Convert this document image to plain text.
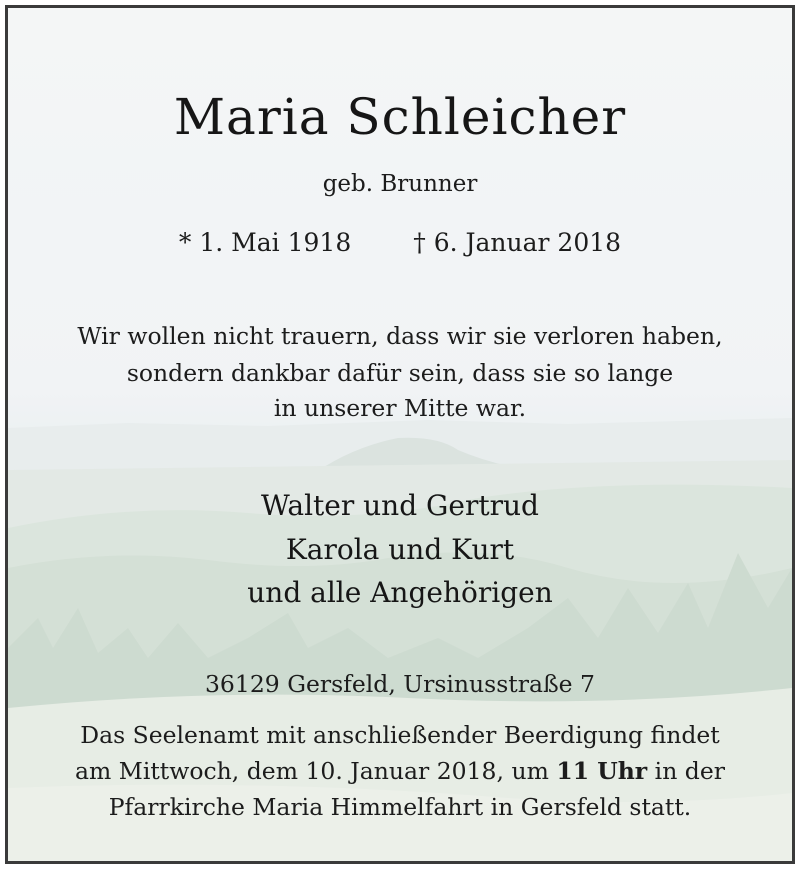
Maria Schleicher
geb. Brunner
* 1. Mai 1918 † 6. Januar 2018
Wir wollen nicht trauern, dass wir sie verloren haben,
sondern dankbar dafür sein, dass sie so lange
in unserer Mitte war.
Walter und Gertrud
Karola und Kurt
und alle Angehörigen
36129 Gersfeld, Ursinusstraße 7
Das Seelenamt mit anschließender Beerdigung findet
am Mittwoch, dem 10. Januar 2018, um 11 Uhr in der
Pfarrkirche Maria Himmelfahrt in Gersfeld statt.
